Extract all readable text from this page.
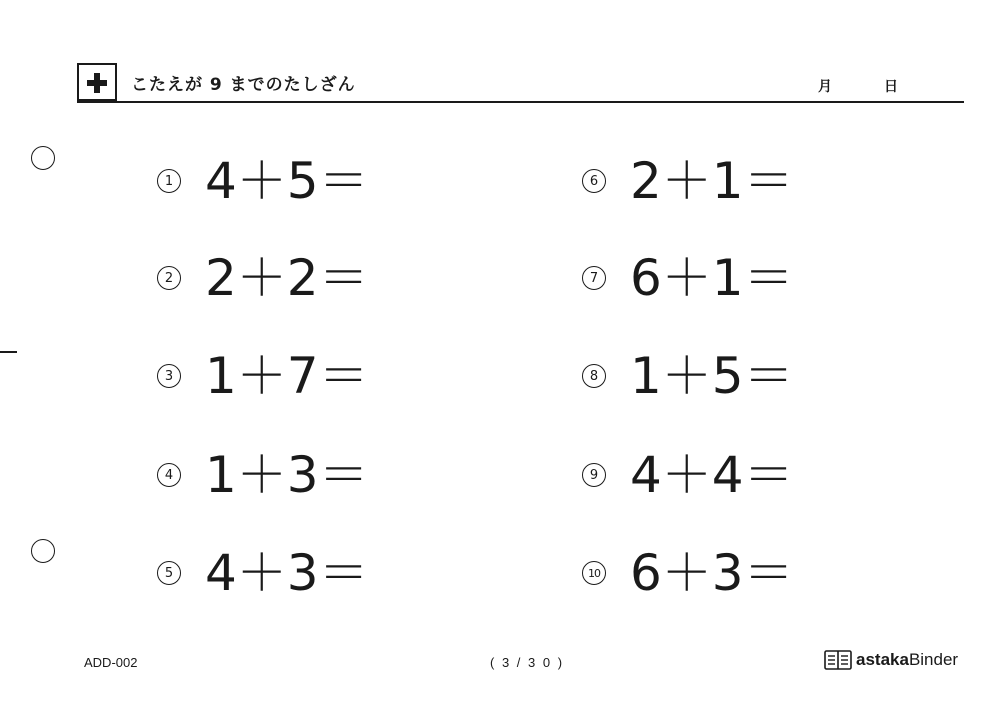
こたえが 9 までのたしざん	月	日
1 4＋5＝
2 2＋2＝
3 1＋7＝
4 1＋3＝
5 4＋3＝
6 2＋1＝
7 6＋1＝
8 1＋5＝
9 4＋4＝
10 6＋3＝
ADD-002	( 3 / 3 0 )	astakaBinder
